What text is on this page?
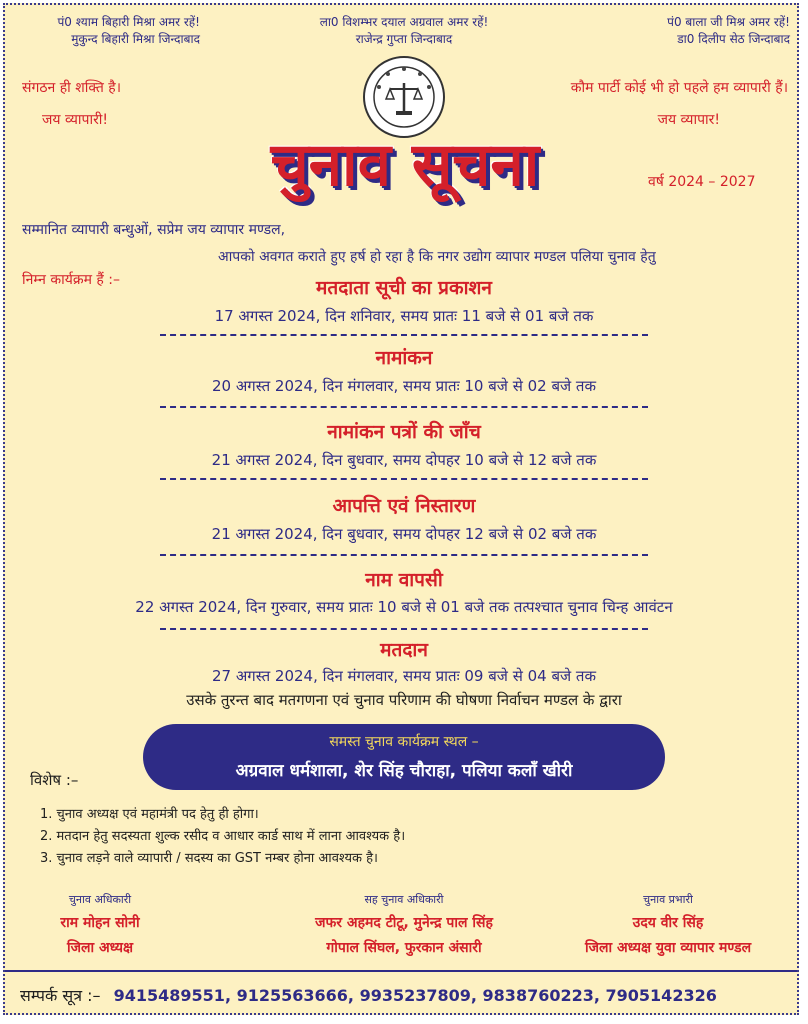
पं0 श्याम बिहारी मिश्रा अमर रहें!
मुकुन्द बिहारी मिश्रा जिन्दाबाद
ला0 विशम्भर दयाल अग्रवाल अमर रहें!
राजेन्द्र गुप्ता जिन्दाबाद
पं0 बाला जी मिश्र अमर रहें!
डा0 दिलीप सेठ जिन्दाबाद
संगठन ही शक्ति है।
जय व्यापारी!
कौम पार्टी कोई भी हो पहले हम व्यापारी हैं।
जय व्यापार!
चुनाव सूचना	वर्ष 2024 – 2027
सम्मानित व्यापारी बन्धुओं, सप्रेम जय व्यापार मण्डल,
आपको अवगत कराते हुए हर्ष हो रहा है कि नगर उद्योग व्यापार मण्डल पलिया चुनाव हेतु
निम्न कार्यक्रम हैं :–	मतदाता सूची का प्रकाशन
17 अगस्त 2024, दिन शनिवार, समय प्रातः 11 बजे से 01 बजे तक
नामांकन
20 अगस्त 2024, दिन मंगलवार, समय प्रातः 10 बजे से 02 बजे तक
नामांकन पत्रों की जाँच
21 अगस्त 2024, दिन बुधवार, समय दोपहर 10 बजे से 12 बजे तक
आपत्ति एवं निस्तारण
21 अगस्त 2024, दिन बुधवार, समय दोपहर 12 बजे से 02 बजे तक
नाम वापसी
22 अगस्त 2024, दिन गुरुवार, समय प्रातः 10 बजे से 01 बजे तक तत्पश्चात चुनाव चिन्ह आवंटन
मतदान
27 अगस्त 2024, दिन मंगलवार, समय प्रातः 09 बजे से 04 बजे तक
उसके तुरन्त बाद मतगणना एवं चुनाव परिणाम की घोषणा निर्वाचन मण्डल के द्वारा
समस्त चुनाव कार्यक्रम स्थल –
अग्रवाल धर्मशाला, शेर सिंह चौराहा, पलिया कलाँ खीरी
विशेष :–
1. चुनाव अध्यक्ष एवं महामंत्री पद हेतु ही होगा।
2. मतदान हेतु सदस्यता शुल्क रसीद व आधार कार्ड साथ में लाना आवश्यक है।
3. चुनाव लड़ने वाले व्यापारी / सदस्य का GST नम्बर होना आवश्यक है।
चुनाव अधिकारी
राम मोहन सोनी
जिला अध्यक्ष
सह चुनाव अधिकारी
जफर अहमद टीटू, मुनेन्द्र पाल सिंह
गोपाल सिंघल, फुरकान अंसारी
चुनाव प्रभारी
उदय वीर सिंह
जिला अध्यक्ष युवा व्यापार मण्डल
सम्पर्क सूत्र :– 9415489551, 9125563666, 9935237809, 9838760223, 7905142326
